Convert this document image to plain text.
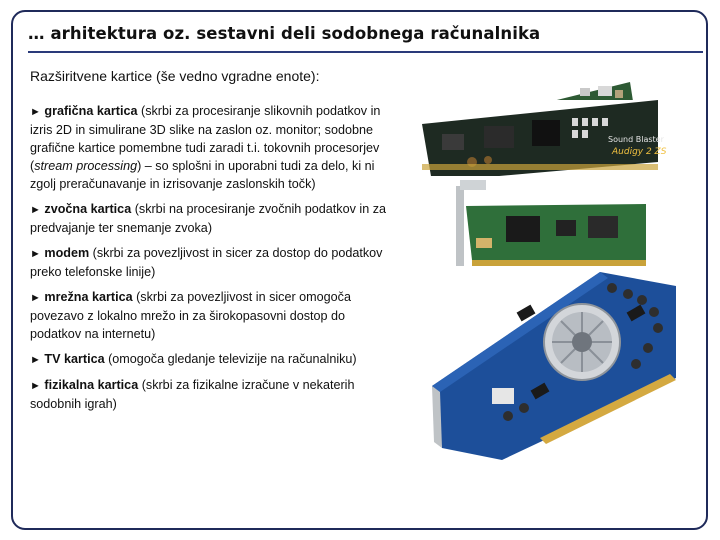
… arhitektura oz. sestavni deli sodobnega računalnika
Razširitvene kartice (še vedno vgradne enote):
► grafična kartica (skrbi za procesiranje slikovnih podatkov in izris 2D in simulirane 3D slike na zaslon oz. monitor; sodobne grafične kartice pomembne tudi zaradi t.i. tokovnih procesorjev (stream processing) – so splošni in uporabni tudi za delo, ki ni zgolj preračunavanje in izrisovanje zaslonskih točk)
► zvočna kartica (skrbi na procesiranje zvočnih podatkov in za predvajanje ter snemanje zvoka)
► modem (skrbi za povezljivost in sicer za dostop do podatkov preko telefonske linije)
► mrežna kartica (skrbi za povezljivost in sicer omogoča povezavo z lokalno mrežo in za širokopasovni dostop do podatkov na internetu)
► TV kartica (omogoča gledanje televizije na računalniku)
► fizikalna kartica (skrbi za fizikalne izračune v nekaterih sodobnih igrah)
Sound Blaster
Audigy 2 ZS
